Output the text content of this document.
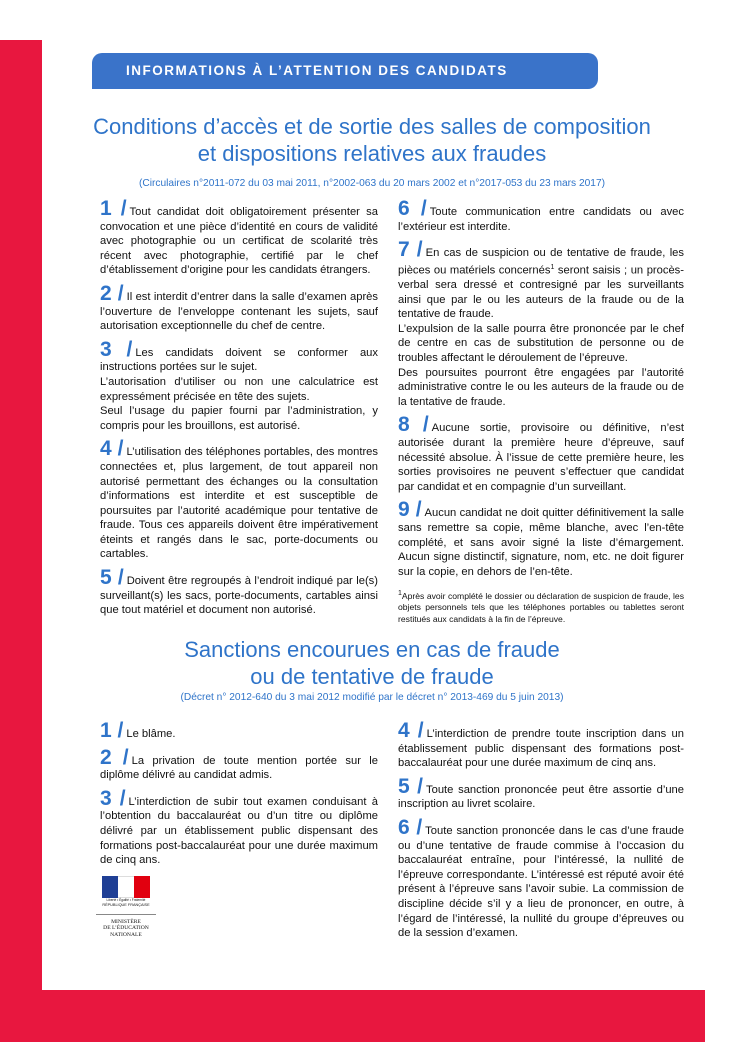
INFORMATIONS À L’ATTENTION DES CANDIDATS
Conditions d’accès et de sortie des salles de composition
et dispositions relatives aux fraudes
(Circulaires n°2011-072 du 03 mai 2011, n°2002-063 du 20 mars 2002 et n°2017-053 du 23 mars 2017)

1 / Tout candidat doit obligatoirement présenter sa convocation et une pièce d’identité en cours de validité avec photographie ou un certificat de scolarité très récent avec photographie, certifié par le chef d’établissement d’origine pour les candidats étrangers.

2 / Il est interdit d’entrer dans la salle d’examen après l’ouverture de l’enveloppe contenant les sujets, sauf autorisation exceptionnelle du chef de centre.

3 / Les candidats doivent se conformer aux instructions portées sur le sujet.
L’autorisation d’utiliser ou non une calculatrice est expressément précisée en tête des sujets.
Seul l’usage du papier fourni par l’administration, y compris pour les brouillons, est autorisé.

4 / L’utilisation des téléphones portables, des montres connectées et, plus largement, de tout appareil non autorisé permettant des échanges ou la consultation d’informations est interdite et est susceptible de poursuites par l’autorité académique pour tentative de fraude. Tous ces appareils doivent être impérativement éteints et rangés dans le sac, porte-documents ou cartables.

5 / Doivent être regroupés à l’endroit indiqué par le(s) surveillant(s) les sacs, porte-documents, cartables ainsi que tout matériel et document non autorisé.

6 / Toute communication entre candidats ou avec l’extérieur est interdite.

7 / En cas de suspicion ou de tentative de fraude, les pièces ou matériels concernés$^1$ seront saisis ; un procès-verbal sera dressé et contresigné par les surveillants ainsi que par le ou les auteurs de la fraude ou de la tentative de fraude.
L’expulsion de la salle pourra être prononcée par le chef de centre en cas de substitution de personne ou de troubles affectant le déroulement de l’épreuve.
Des poursuites pourront être engagées par l’autorité administrative contre le ou les auteurs de la fraude ou de la tentative de fraude.

8 / Aucune sortie, provisoire ou définitive, n’est autorisée durant la première heure d’épreuve, sauf nécessité absolue. À l’issue de cette première heure, les sorties provisoires ne peuvent s’effectuer que candidat par candidat et en compagnie d’un surveillant.

9 / Aucun candidat ne doit quitter définitivement la salle sans remettre sa copie, même blanche, avec l’en-tête complété, et sans avoir signé la liste d’émargement. Aucun signe distinctif, signature, nom, etc. ne doit figurer sur la copie, en dehors de l’en-tête.

$^1$Après avoir complété le dossier ou déclaration de suspicion de fraude, les objets personnels tels que les téléphones portables ou tablettes seront restitués aux candidats à la fin de l’épreuve.
Sanctions encourues en cas de fraude
ou de tentative de fraude
(Décret n° 2012-640 du 3 mai 2012 modifié par le décret n° 2013-469 du 5 juin 2013)

1 / Le blâme.

2 / La privation de toute mention portée sur le diplôme délivré au candidat admis.

3 / L’interdiction de subir tout examen conduisant à l’obtention du baccalauréat ou d’un titre ou diplôme délivré par un établissement public dispensant des formations post-baccalauréat pour une durée maximum de cinq ans.

4 / L’interdiction de prendre toute inscription dans un établissement public dispensant des formations post-baccalauréat pour une durée maximum de cinq ans.

5 / Toute sanction prononcée peut être assortie d’une inscription au livret scolaire.

6 / Toute sanction prononcée dans le cas d’une fraude ou d’une tentative de fraude commise à l’occasion du baccalauréat entraîne, pour l’intéressé, la nullité de l’épreuve correspondante. L’intéressé est réputé avoir été présent à l’épreuve sans l’avoir subie. La commission de discipline décide s’il y a lieu de prononcer, en outre, à l’égard de l’intéressé, la nullité du groupe d’épreuves ou de la session d’examen.

Liberté • Égalité • Fraternité
RÉPUBLIQUE FRANÇAISE
MINISTÈRE
DE L’ÉDUCATION
NATIONALE
